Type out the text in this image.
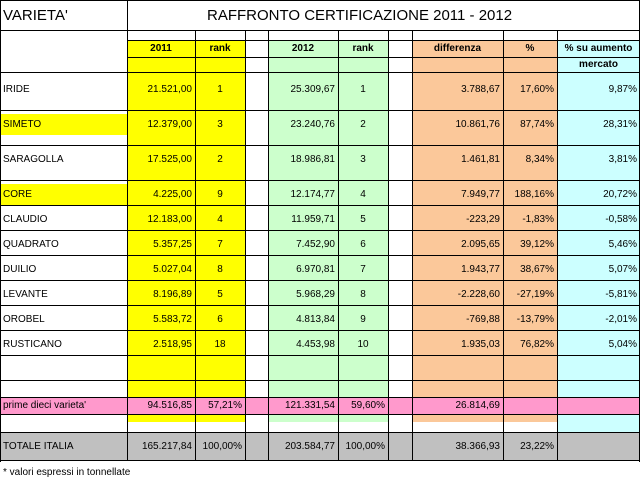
VARIETA'	RAFFRONTO CERTIFICAZIONE 2011 - 2012
2011	rank	2012	rank	differenza	%	% su aumento
mercato
IRIDE	21.521,00	1	25.309,67	1	3.788,67	17,60%	9,87%
SIMETO	12.379,00	3	23.240,76	2	10.861,76	87,74%	28,31%
SARAGOLLA	17.525,00	2	18.986,81	3	1.461,81	8,34%	3,81%
CORE	4.225,00	9	12.174,77	4	7.949,77	188,16%	20,72%
CLAUDIO	12.183,00	4	11.959,71	5	-223,29	-1,83%	-0,58%
QUADRATO	5.357,25	7	7.452,90	6	2.095,65	39,12%	5,46%
DUILIO	5.027,04	8	6.970,81	7	1.943,77	38,67%	5,07%
LEVANTE	8.196,89	5	5.968,29	8	-2.228,60	-27,19%	-5,81%
OROBEL	5.583,72	6	4.813,84	9	-769,88	-13,79%	-2,01%
RUSTICANO	2.518,95	18	4.453,98	10	1.935,03	76,82%	5,04%
prime dieci varieta'	94.516,85	57,21%	121.331,54	59,60%	26.814,69
TOTALE ITALIA	165.217,84	100,00%	203.584,77	100,00%	38.366,93	23,22%
* valori espressi in tonnellate
